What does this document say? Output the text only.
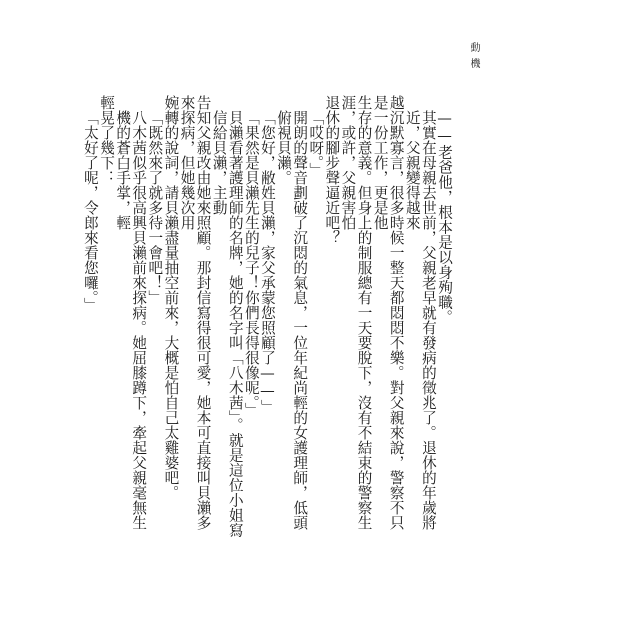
動機
——老爸他，根本是以身殉職。
其實在母親去世前，父親老早就有發病的徵兆了。退休的年歲將近，父親變得越來
越沉默寡言，很多時候一整天都悶悶不樂。對父親來說，警察不只是一份工作，更是他
生存的意義。但身上的制服總有一天要脫下，沒有不結束的警察生涯，或許，父親害怕
退休的腳步聲逼近吧？
「哎呀。」
開朗的聲音劃破了沉悶的氣息，一位年紀尚輕的女護理師，低頭俯視貝瀨。
「您好，敝姓貝瀨，家父承蒙您照顧了——」
「果然是貝瀨先生的兒子！你們長得很像呢。」
貝瀨看著護理師的名牌，她的名字叫「八木茜」。就是這位小姐寫信給貝瀨，主動
告知父親改由她來照顧。那封信寫得很可愛，她本可直接叫貝瀨多來探病，但她幾次用
婉轉的說詞，請貝瀨盡量抽空前來，大概是怕自己太雞婆吧。
「既然來了就多待一會吧！」
八木茜似乎很高興貝瀨前來探病。她屈膝蹲下，牽起父親毫無生機的蒼白手掌，輕
輕晃了幾下：
「太好了呢，令郎來看您囉。」
